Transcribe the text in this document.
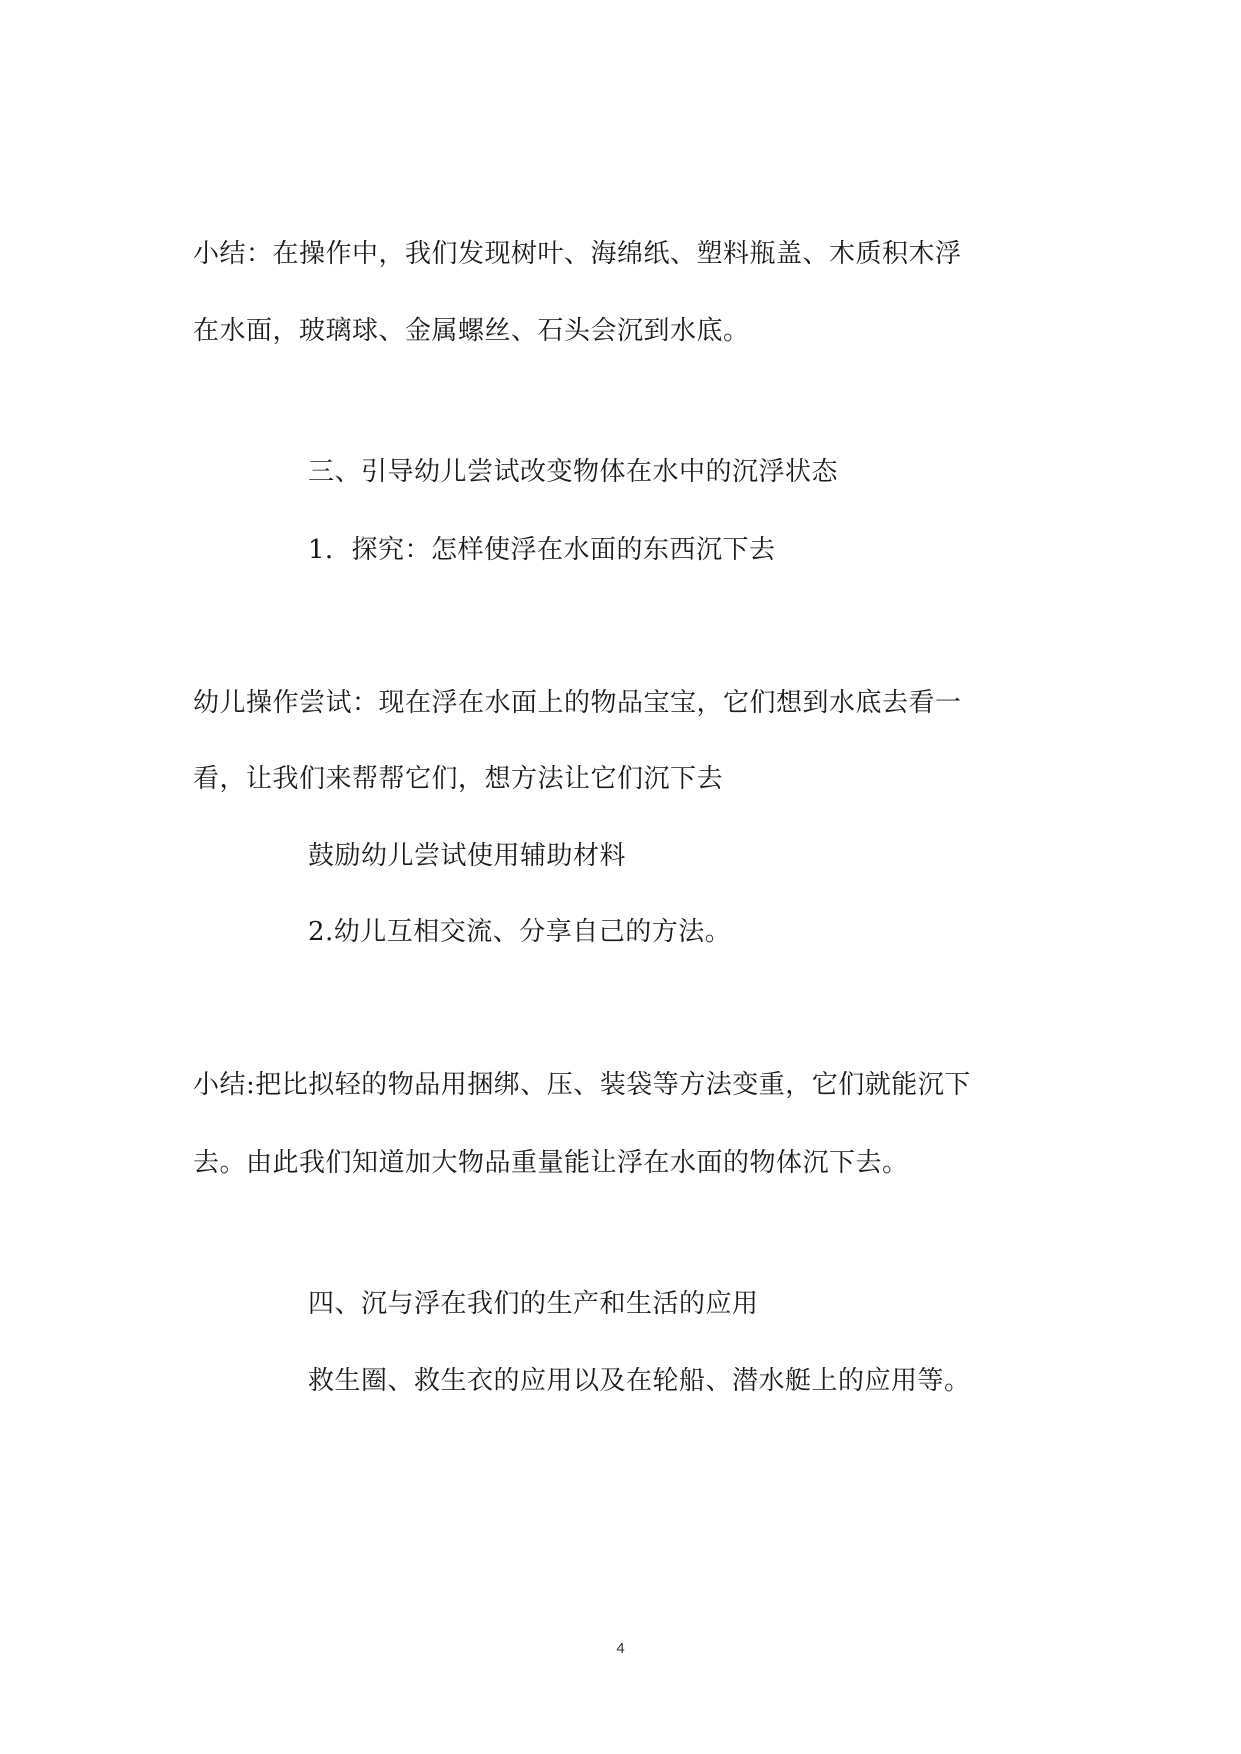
小结：在操作中，我们发现树叶、海绵纸、塑料瓶盖、木质积木浮
在水面，玻璃球、金属螺丝、石头会沉到水底。
三、引导幼儿尝试改变物体在水中的沉浮状态
1．探究：怎样使浮在水面的东西沉下去
幼儿操作尝试：现在浮在水面上的物品宝宝，它们想到水底去看一
看，让我们来帮帮它们，想方法让它们沉下去
鼓励幼儿尝试使用辅助材料
2.幼儿互相交流、分享自己的方法。
小结:把比拟轻的物品用捆绑、压、装袋等方法变重，它们就能沉下
去。由此我们知道加大物品重量能让浮在水面的物体沉下去。
四、沉与浮在我们的生产和生活的应用
救生圈、救生衣的应用以及在轮船、潜水艇上的应用等。
4
